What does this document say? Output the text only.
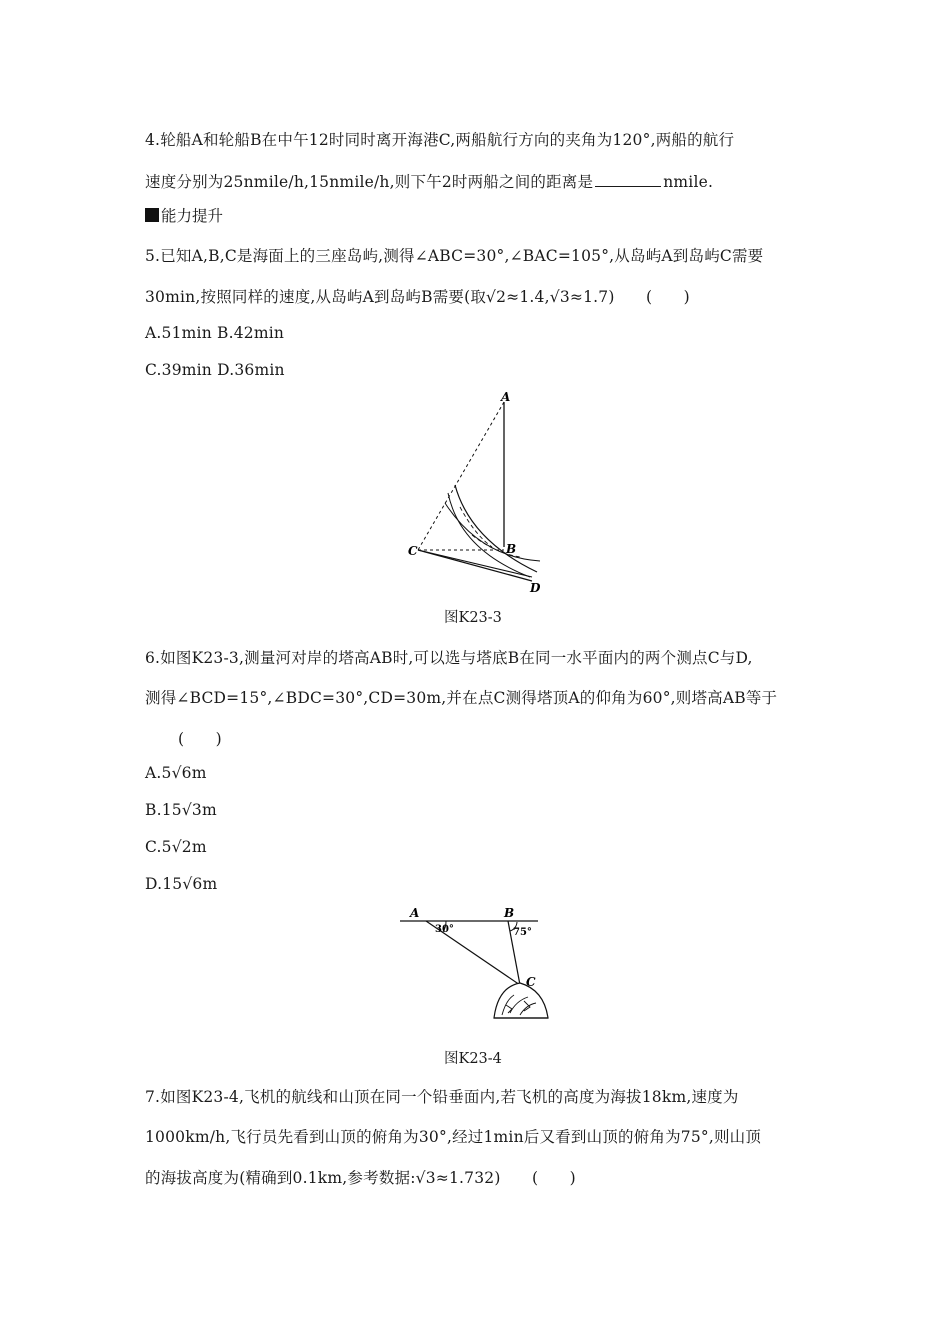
4.轮船A和轮船B在中午12时同时离开海港C,两船航行方向的夹角为120°,两船的航行
速度分别为25nmile/h,15nmile/h,则下午2时两船之间的距离是	nmile.
能力提升
5.已知A,B,C是海面上的三座岛屿,测得∠ABC=30°,∠BAC=105°,从岛屿A到岛屿C需要
30min,按照同样的速度,从岛屿A到岛屿B需要(取√2≈1.4,√3≈1.7)　　(　　)
A.51min B.42min
C.39min D.36min
A
B
C
D
图K23-3
6.如图K23-3,测量河对岸的塔高AB时,可以选与塔底B在同一水平面内的两个测点C与D,
测得∠BCD=15°,∠BDC=30°,CD=30m,并在点C测得塔顶A的仰角为60°,则塔高AB等于
(　　)
A.5√6m
B.15√3m
C.5√2m
D.15√6m
A	B
C
30°	75°
图K23-4
7.如图K23-4,飞机的航线和山顶在同一个铅垂面内,若飞机的高度为海拔18km,速度为
1000km/h,飞行员先看到山顶的俯角为30°,经过1min后又看到山顶的俯角为75°,则山顶
的海拔高度为(精确到0.1km,参考数据:√3≈1.732)　　(　　)
